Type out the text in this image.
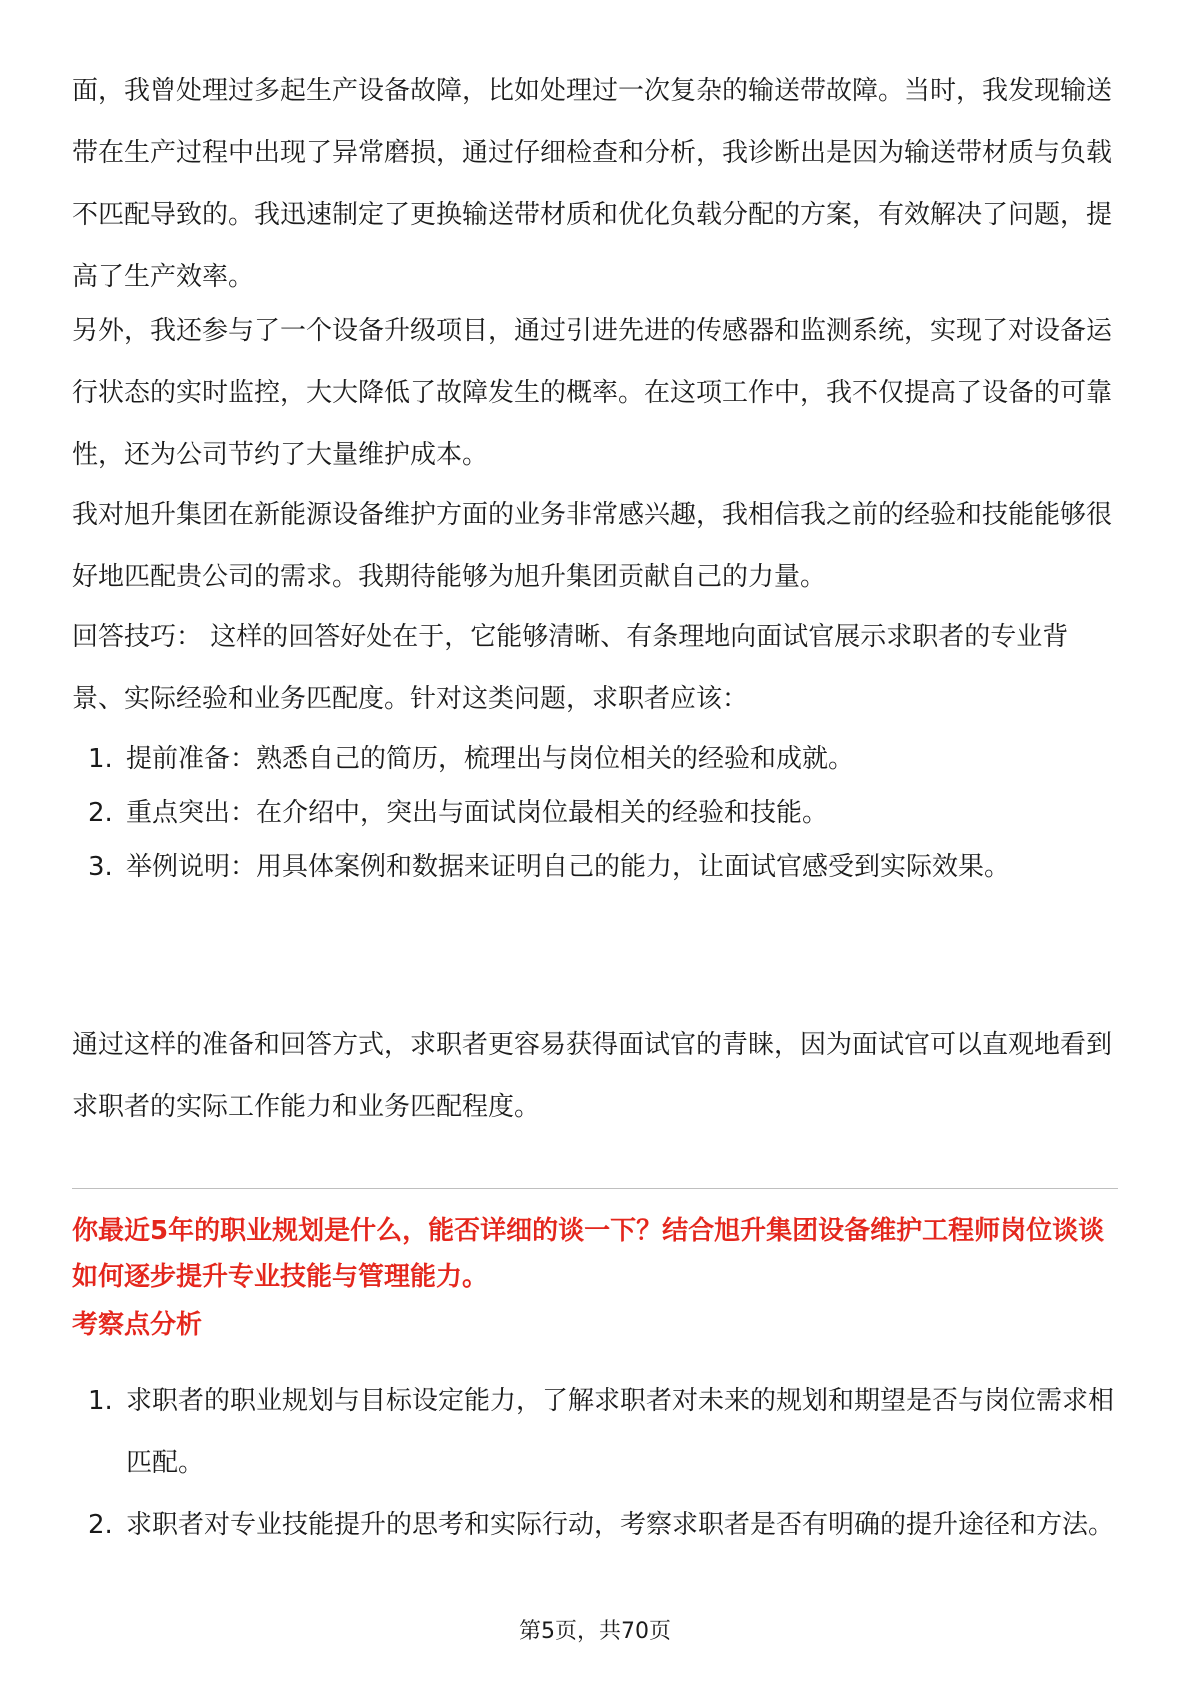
面，我曾处理过多起生产设备故障，比如处理过一次复杂的输送带故障。当时，我发现输送带在生产过程中出现了异常磨损，通过仔细检查和分析，我诊断出是因为输送带材质与负载不匹配导致的。我迅速制定了更换输送带材质和优化负载分配的方案，有效解决了问题，提高了生产效率。

另外，我还参与了一个设备升级项目，通过引进先进的传感器和监测系统，实现了对设备运行状态的实时监控，大大降低了故障发生的概率。在这项工作中，我不仅提高了设备的可靠性，还为公司节约了大量维护成本。

我对旭升集团在新能源设备维护方面的业务非常感兴趣，我相信我之前的经验和技能能够很好地匹配贵公司的需求。我期待能够为旭升集团贡献自己的力量。

回答技巧： 这样的回答好处在于，它能够清晰、有条理地向面试官展示求职者的专业背景、实际经验和业务匹配度。针对这类问题，求职者应该：

1. 提前准备：熟悉自己的简历，梳理出与岗位相关的经验和成就。
2. 重点突出：在介绍中，突出与面试岗位最相关的经验和技能。
3. 举例说明：用具体案例和数据来证明自己的能力，让面试官感受到实际效果。

通过这样的准备和回答方式，求职者更容易获得面试官的青睐，因为面试官可以直观地看到求职者的实际工作能力和业务匹配程度。

你最近5年的职业规划是什么，能否详细的谈一下？结合旭升集团设备维护工程师岗位谈谈如何逐步提升专业技能与管理能力。

考察点分析

1. 求职者的职业规划与目标设定能力，了解求职者对未来的规划和期望是否与岗位需求相匹配。
2. 求职者对专业技能提升的思考和实际行动，考察求职者是否有明确的提升途径和方法。
第5页，共70页
